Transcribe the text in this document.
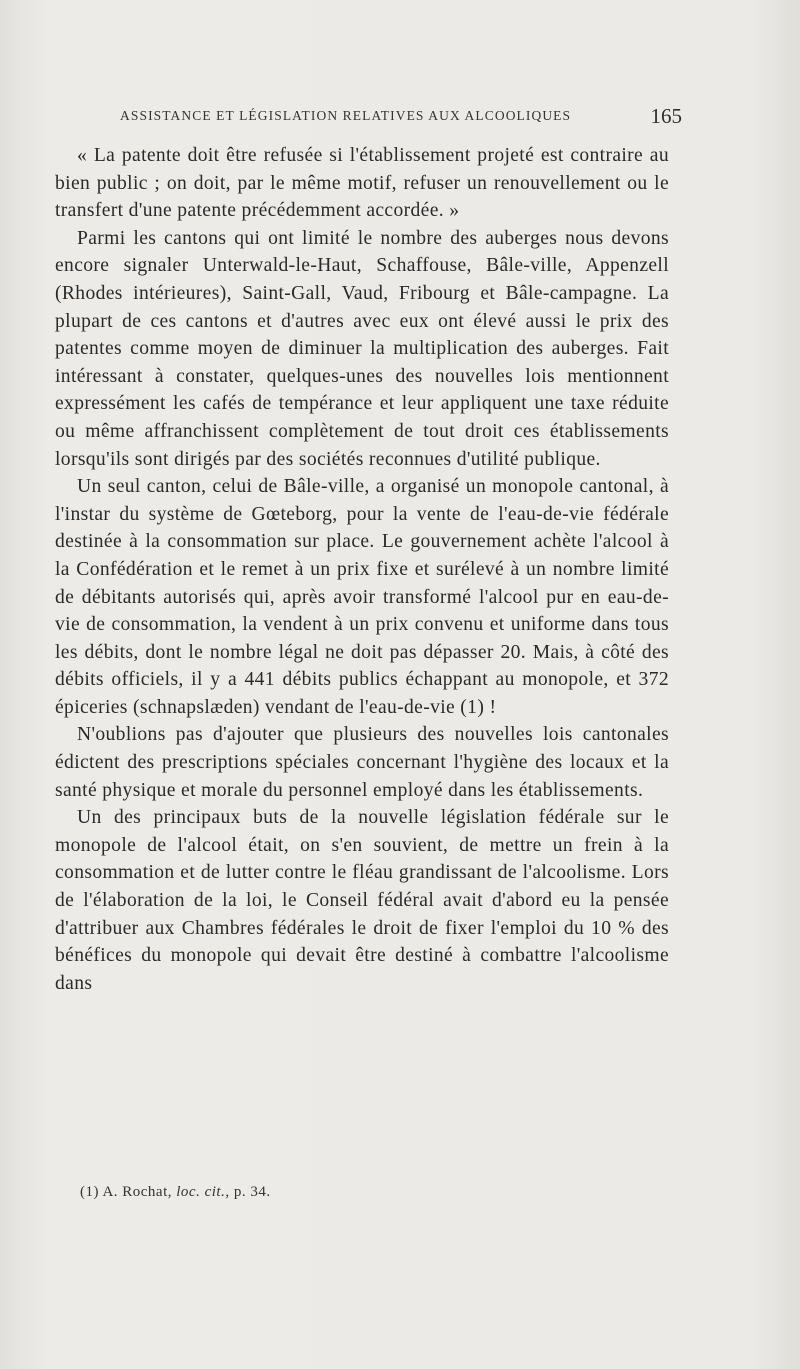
ASSISTANCE ET LÉGISLATION RELATIVES AUX ALCOOLIQUES	165

« La patente doit être refusée si l'établissement projeté est contraire au bien public ; on doit, par le même motif, refuser un renouvellement ou le transfert d'une patente précédemment accordée. »

Parmi les cantons qui ont limité le nombre des auberges nous devons encore signaler Unterwald-le-Haut, Schaffouse, Bâle-ville, Appenzell (Rhodes intérieures), Saint-Gall, Vaud, Fribourg et Bâle-campagne. La plupart de ces cantons et d'autres avec eux ont élevé aussi le prix des patentes comme moyen de diminuer la multiplication des auberges. Fait intéressant à constater, quelques-unes des nouvelles lois mentionnent expressément les cafés de tempérance et leur appliquent une taxe réduite ou même affranchissent complètement de tout droit ces établissements lorsqu'ils sont dirigés par des sociétés reconnues d'utilité publique.

Un seul canton, celui de Bâle-ville, a organisé un monopole cantonal, à l'instar du système de Gœteborg, pour la vente de l'eau-de-vie fédérale destinée à la consommation sur place. Le gouvernement achète l'alcool à la Confédération et le remet à un prix fixe et surélevé à un nombre limité de débitants autorisés qui, après avoir transformé l'alcool pur en eau-de-vie de consommation, la vendent à un prix convenu et uniforme dans tous les débits, dont le nombre légal ne doit pas dépasser 20. Mais, à côté des débits officiels, il y a 441 débits publics échappant au monopole, et 372 épiceries (schnapslæden) vendant de l'eau-de-vie (1) !

N'oublions pas d'ajouter que plusieurs des nouvelles lois cantonales édictent des prescriptions spéciales concernant l'hygiène des locaux et la santé physique et morale du personnel employé dans les établissements.

Un des principaux buts de la nouvelle législation fédérale sur le monopole de l'alcool était, on s'en souvient, de mettre un frein à la consommation et de lutter contre le fléau grandissant de l'alcoolisme. Lors de l'élaboration de la loi, le Conseil fédéral avait d'abord eu la pensée d'attribuer aux Chambres fédérales le droit de fixer l'emploi du 10 % des bénéfices du monopole qui devait être destiné à combattre l'alcoolisme dans

(1) A. Rochat, loc. cit., p. 34.
